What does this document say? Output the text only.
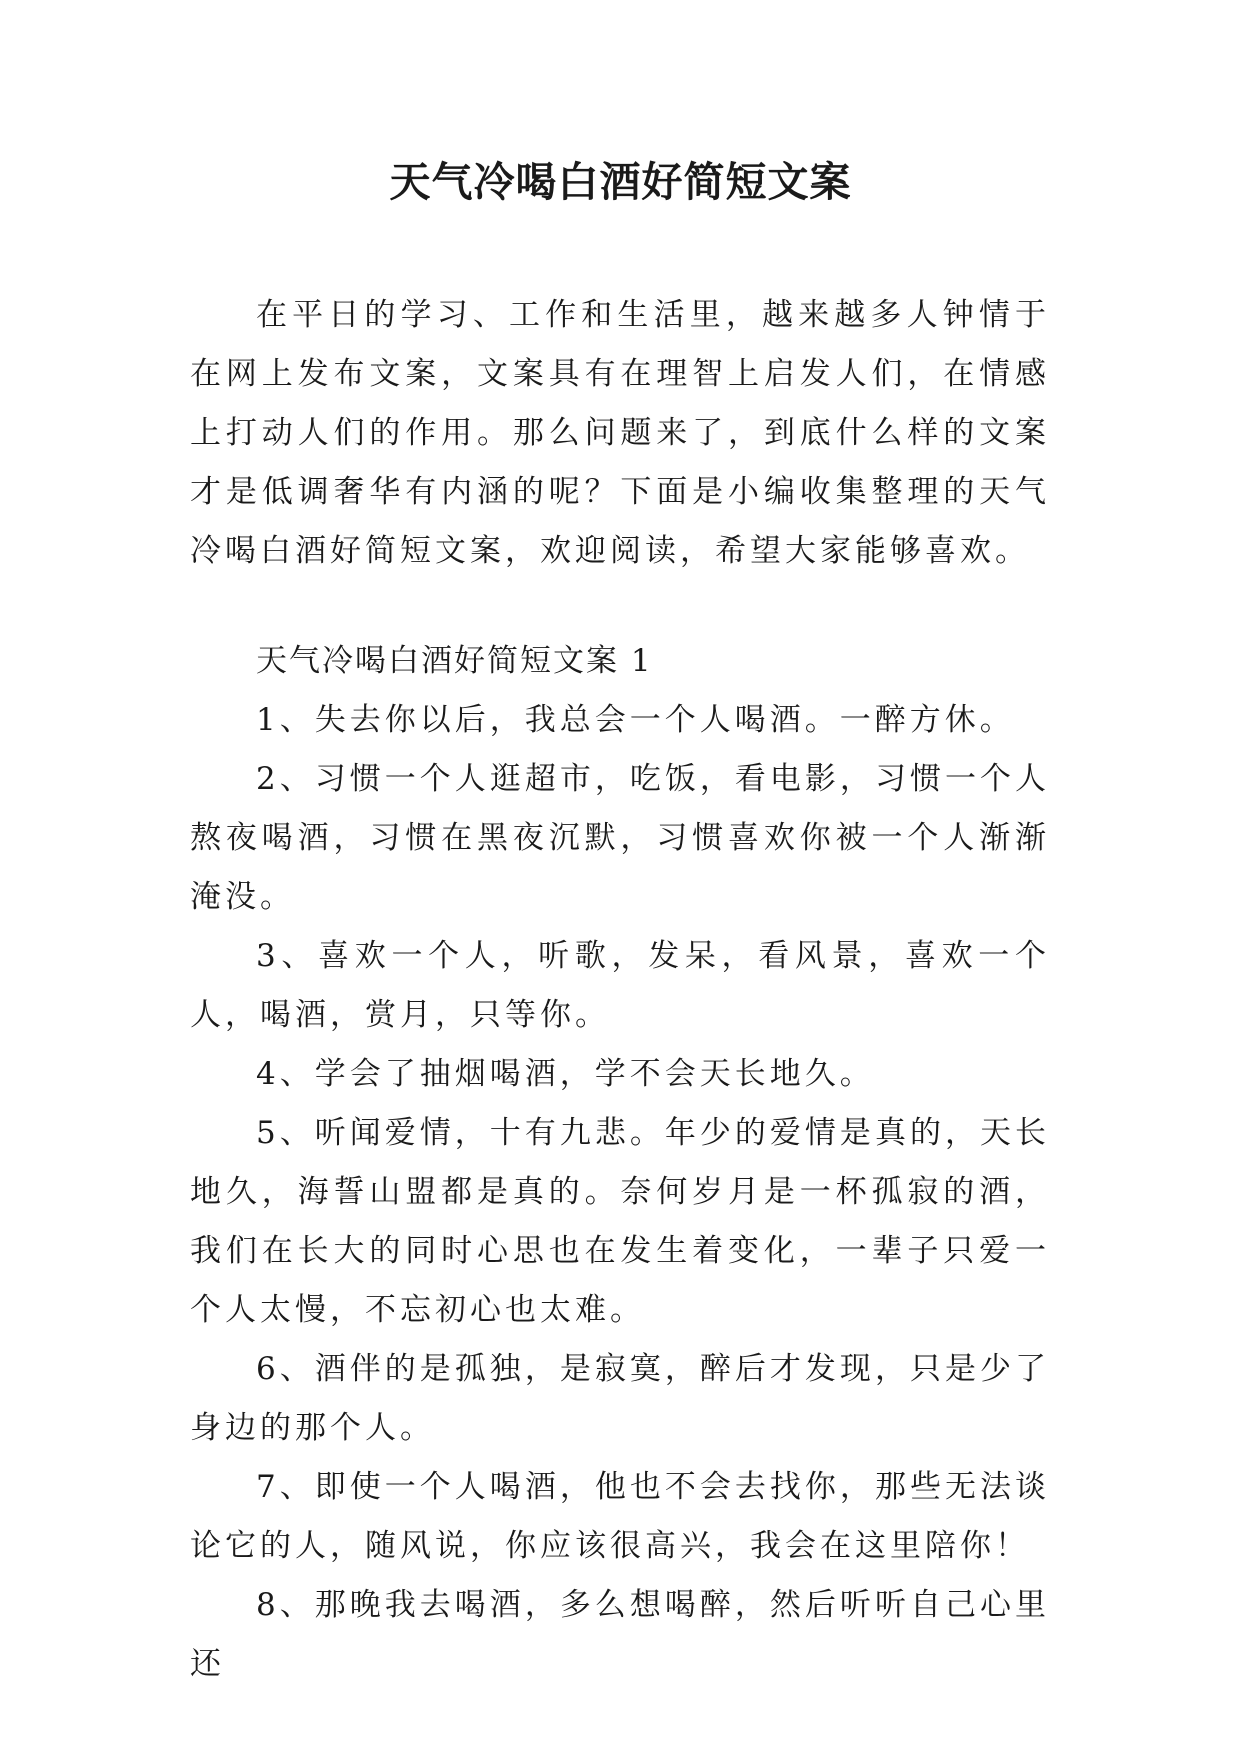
天气冷喝白酒好简短文案

在平日的学习、工作和生活里，越来越多人钟情于在网上发布文案，文案具有在理智上启发人们，在情感上打动人们的作用。那么问题来了，到底什么样的文案才是低调奢华有内涵的呢？下面是小编收集整理的天气冷喝白酒好简短文案，欢迎阅读，希望大家能够喜欢。

天气冷喝白酒好简短文案 1

1、失去你以后，我总会一个人喝酒。一醉方休。

2、习惯一个人逛超市，吃饭，看电影，习惯一个人熬夜喝酒，习惯在黑夜沉默，习惯喜欢你被一个人渐渐淹没。

3、喜欢一个人，听歌，发呆，看风景，喜欢一个人，喝酒，赏月，只等你。

4、学会了抽烟喝酒，学不会天长地久。

5、听闻爱情，十有九悲。年少的爱情是真的，天长地久，海誓山盟都是真的。奈何岁月是一杯孤寂的酒，我们在长大的同时心思也在发生着变化，一辈子只爱一个人太慢，不忘初心也太难。

6、酒伴的是孤独，是寂寞，醉后才发现，只是少了身边的那个人。

7、即使一个人喝酒，他也不会去找你，那些无法谈论它的人，随风说，你应该很高兴，我会在这里陪你！

8、那晚我去喝酒，多么想喝醉，然后听听自己心里还
